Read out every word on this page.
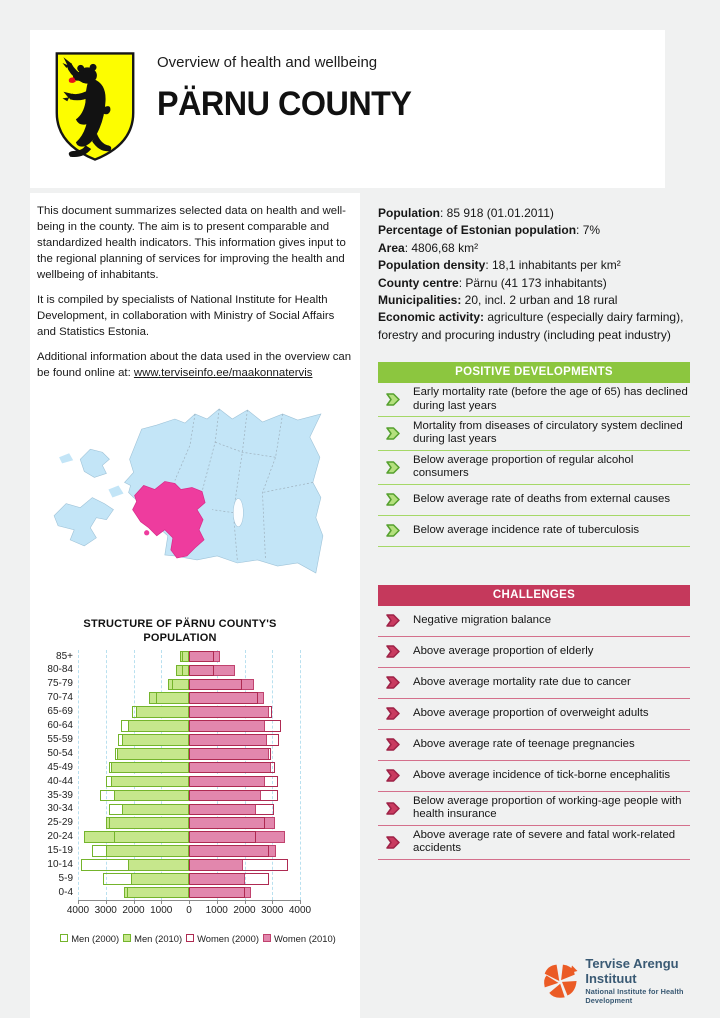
Overview of health and wellbeing
PÄRNU COUNTY

This document summarizes selected data on health and well-being in the county. The aim is to present comparable and standardized health indicators. This information gives input to the regional planning of services for improving the health and wellbeing of inhabitants.

It is compiled by specialists of National Institute for Health Development, in collaboration with Ministry of Social Affairs and Statistics Estonia.

Additional information about the data used in the overview can be found online at: www.terviseinfo.ee/maakonnatervis

STRUCTURE OF PÄRNU COUNTY'S POPULATION
85+
80-84
75-79
70-74
65-69
60-64
55-59
50-54
45-49
40-44
35-39
30-34
25-29
20-24
15-19
10-14
5-9
0-4
4000 3000 2000 1000 0 1000 2000 3000 4000
Men (2000) Men (2010) Women (2000) Women (2010)
Population: 85 918 (01.01.2011)
Percentage of Estonian population: 7%
Area: 4806,68 km²
Population density: 18,1 inhabitants per km²
County centre: Pärnu (41 173 inhabitants)
Municipalities: 20, incl. 2 urban and 18 rural
Economic activity: agriculture (especially dairy farming), forestry and procuring industry (including peat industry)
POSITIVE DEVELOPMENTS
Early mortality rate (before the age of 65) has declined during last years
Mortality from diseases of circulatory system declined during last years
Below average proportion of regular alcohol consumers
Below average rate of deaths from external causes
Below average incidence rate of tuberculosis
CHALLENGES
Negative migration balance
Above average proportion of elderly
Above average mortality rate due to cancer
Above average proportion of overweight adults
Above average rate of teenage pregnancies
Above average incidence of tick-borne encephalitis
Below average proportion of working-age people with health insurance
Above average rate of severe and fatal work-related accidents
Tervise Arengu Instituut
National Institute for Health Development
